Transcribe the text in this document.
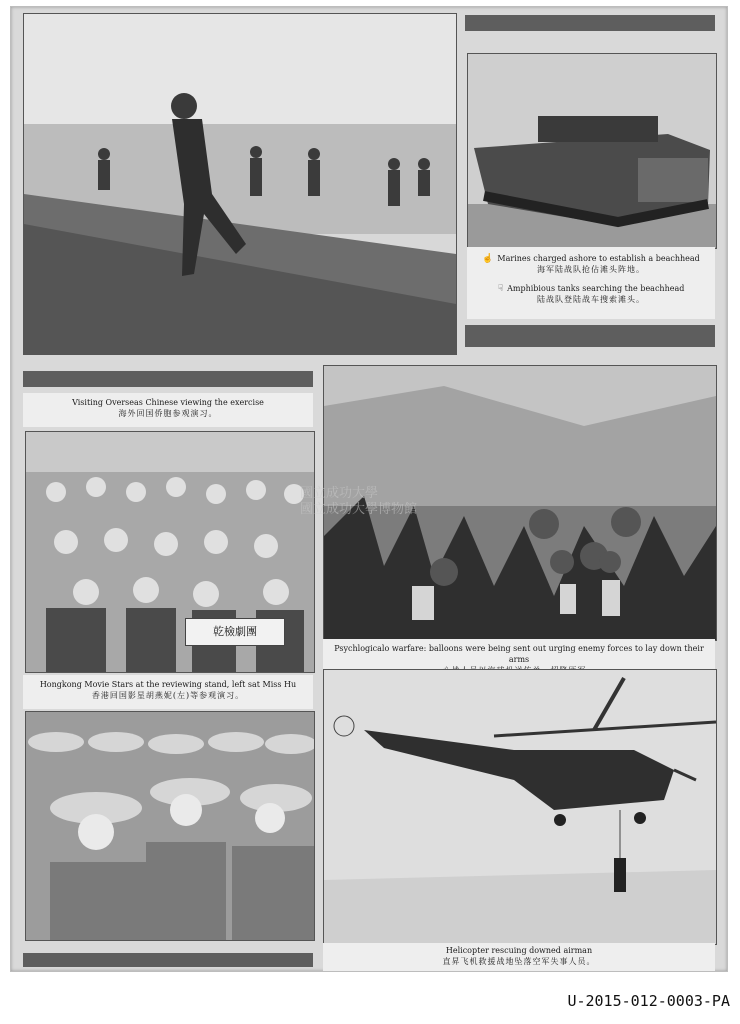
☝ Marines charged ashore to establish a beachhead
海军陆战队抢佔滩头阵地。
☟ Amphibious tanks searching the beachhead
陆战队登陆战车搜索滩头。
Visiting Overseas Chinese viewing the exercise
海外回国侨胞参观演习。
乾檢劇團
Psychlogicalo warfare: balloons were being sent out urging enemy forces to lay down their arms
Hongkong Movie Stars at the reviewing stand, left sat Miss Hu
香港回国影星胡燕妮(左)等参观演习。
Helicopter rescuing downed airman
直昇飞机救援战地坠落空军失事人员。
國立成功大學
國立成功大學博物館
U-2015-012-0003-PA
